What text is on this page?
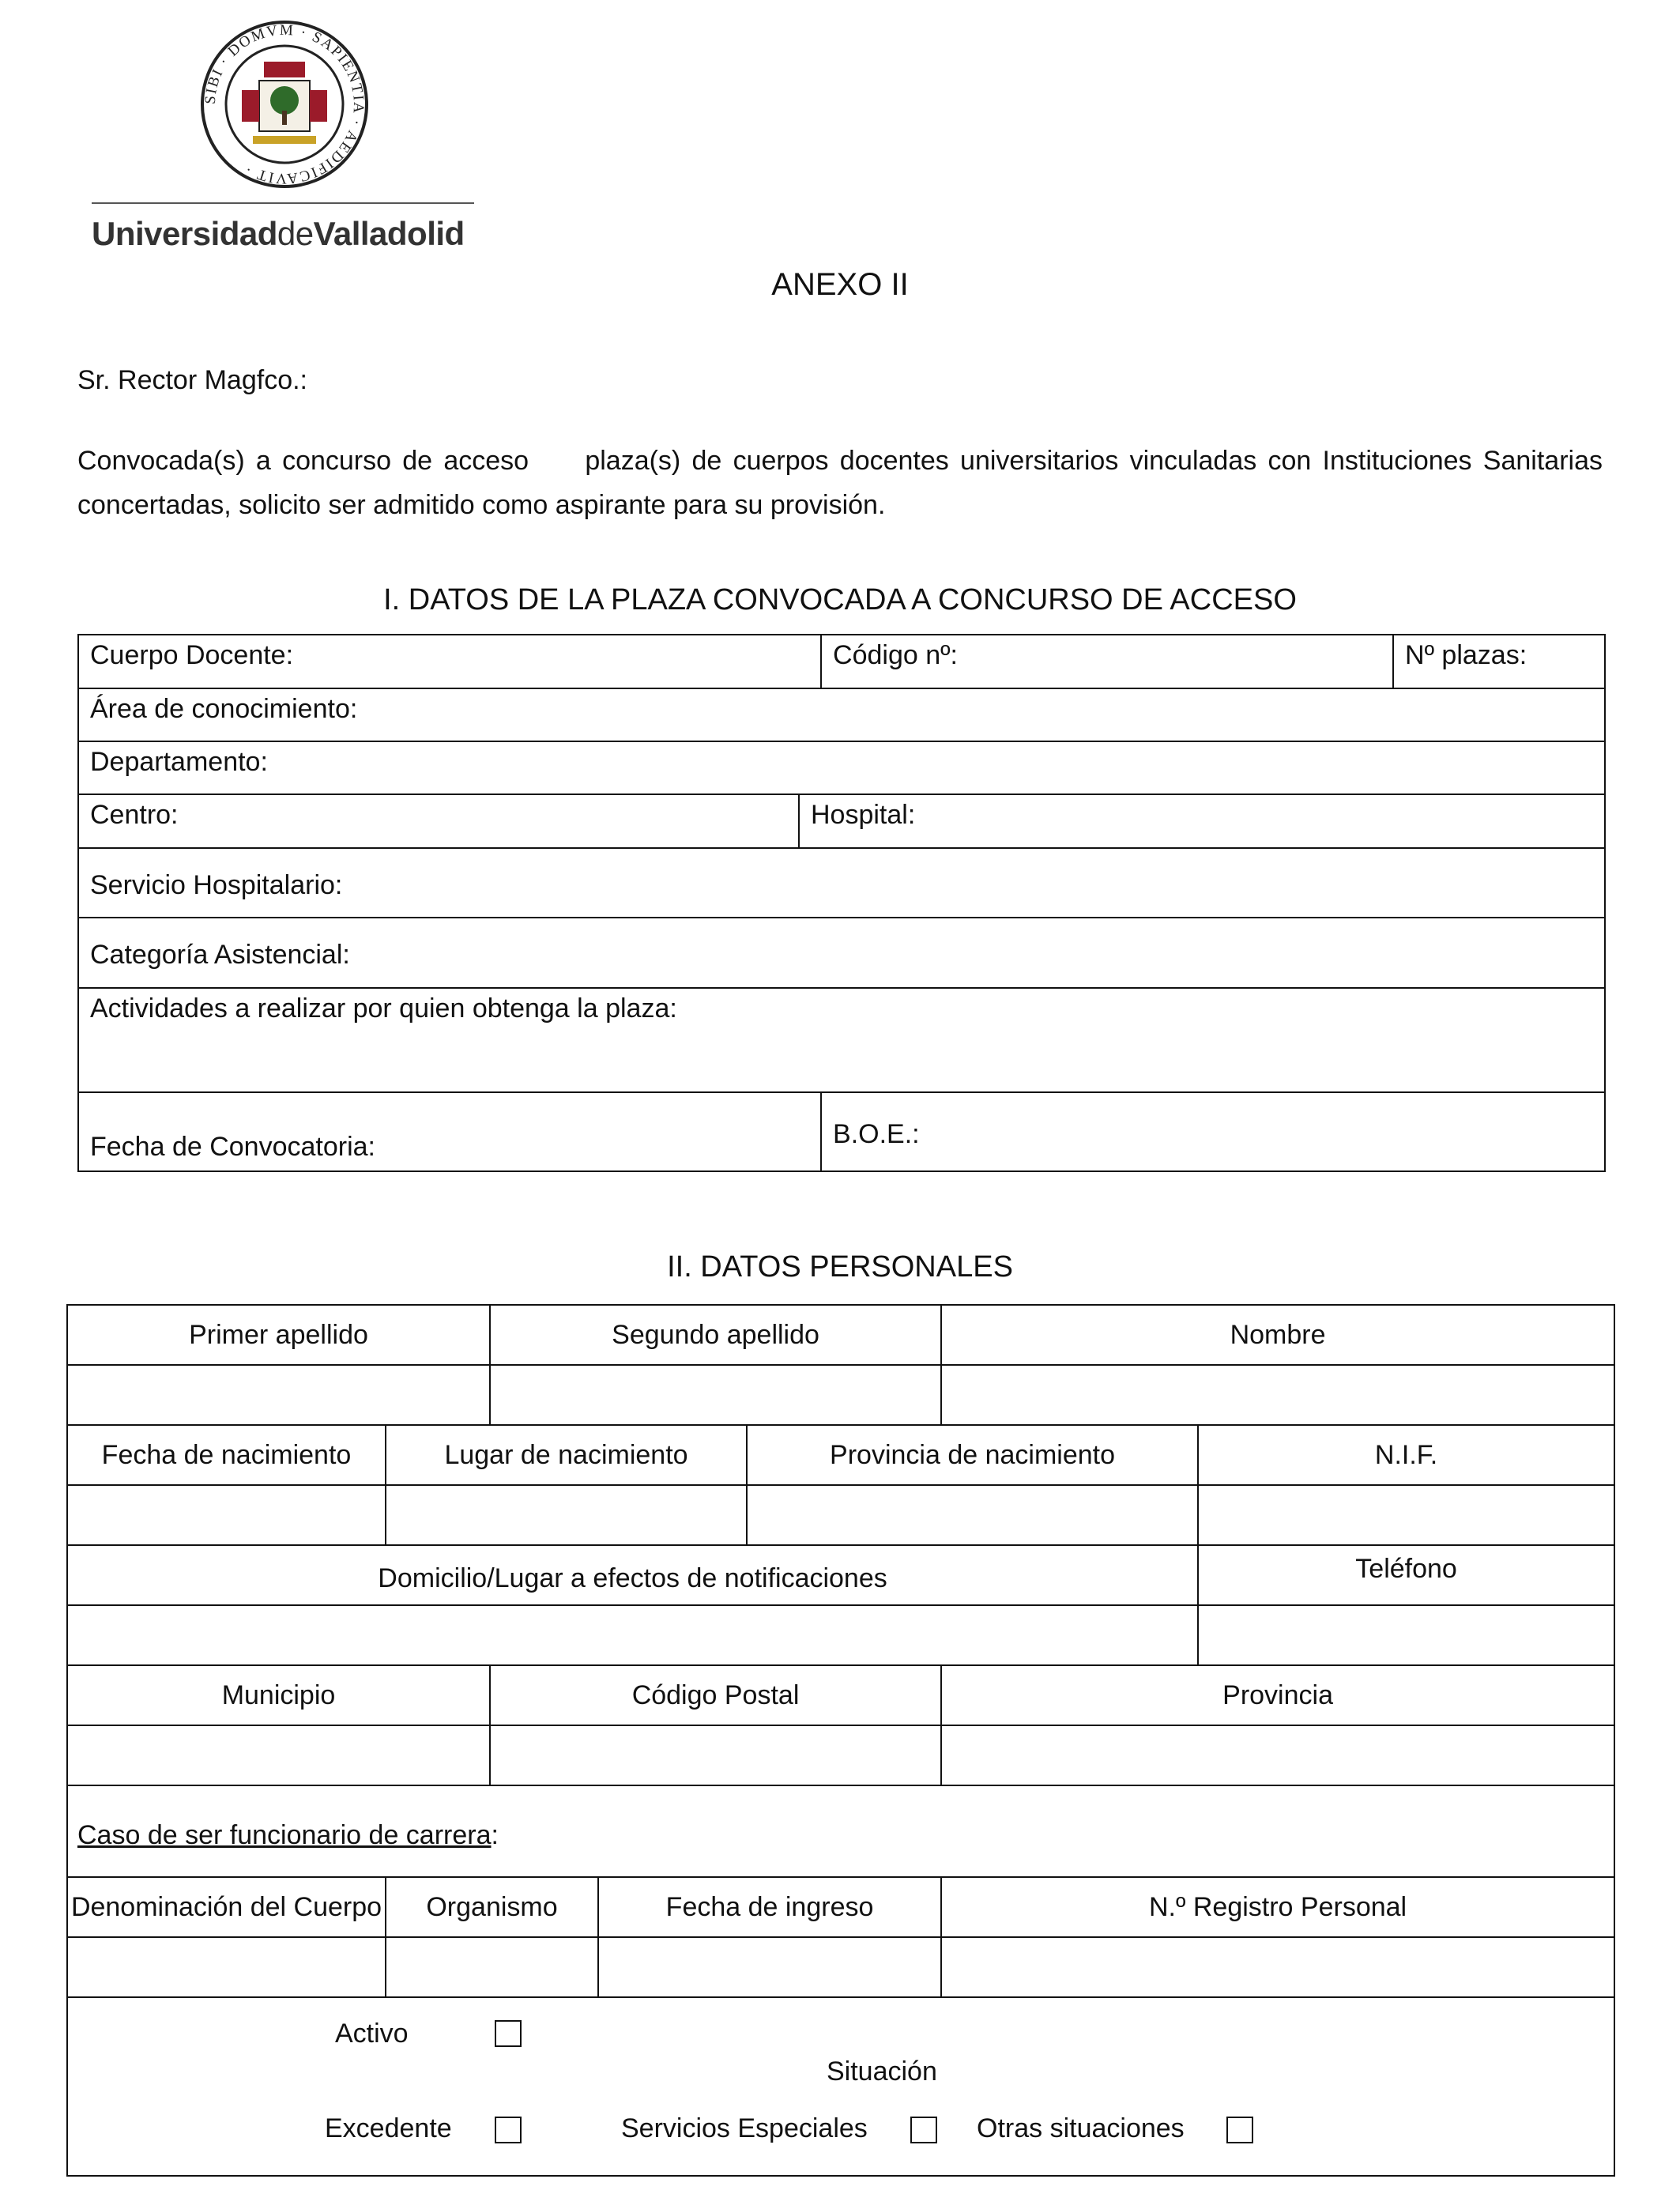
SIBI · DOMVM · SAPIENTIA · AEDIFICAVIT ·
UniversidaddeValladolid
ANEXO II
Sr. Rector Magfco.:
Convocada(s) a concurso de acceso     plaza(s) de cuerpos docentes universitarios vinculadas con Instituciones Sanitarias concertadas, solicito ser admitido como aspirante para su provisión.
I. DATOS DE LA PLAZA CONVOCADA A CONCURSO DE ACCESO
Cuerpo Docente:		Código nº:	Nº plazas:
Área de conocimiento:			
Departamento:			
Centro:	Hospital:		
Servicio Hospitalario:			
Categoría Asistencial:			
Actividades a realizar por quien obtenga la plaza:			
Fecha de Convocatoria:		B.O.E.:	
II. DATOS PERSONALES
Primer apellido		Segundo apellido			Nombre	

Fecha de nacimiento	Lugar de nacimiento			Provincia de nacimiento		N.I.F.

Domicilio/Lugar a efectos de notificaciones						Teléfono

Municipio		Código Postal			Provincia	

Caso de ser funcionario de carrera:						
Denominación del Cuerpo	Organismo		Fecha de ingreso		N.º Registro Personal	

Activo
Situación
Excedente Servicios Especiales Otras situaciones						
